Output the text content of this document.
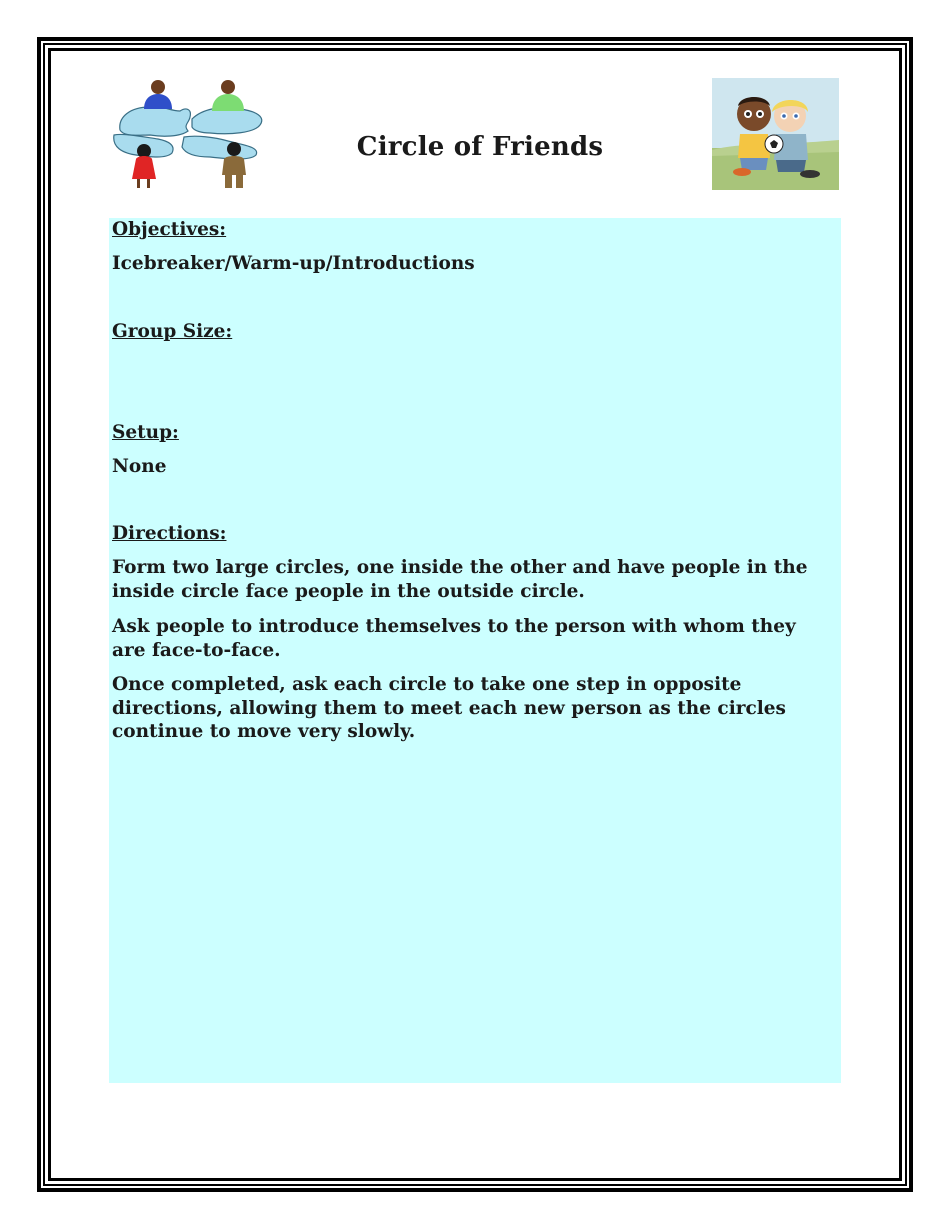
Circle of Friends

Objectives:

Icebreaker/Warm-up/Introductions

Group Size:

Setup:

None

Directions:

Form two large circles, one inside the other and have people in the inside circle face people in the outside circle.

Ask people to introduce themselves to the person with whom they are face-to-face.

Once completed, ask each circle to take one step in opposite directions, allowing them to meet each new person as the circles continue to move very slowly.
